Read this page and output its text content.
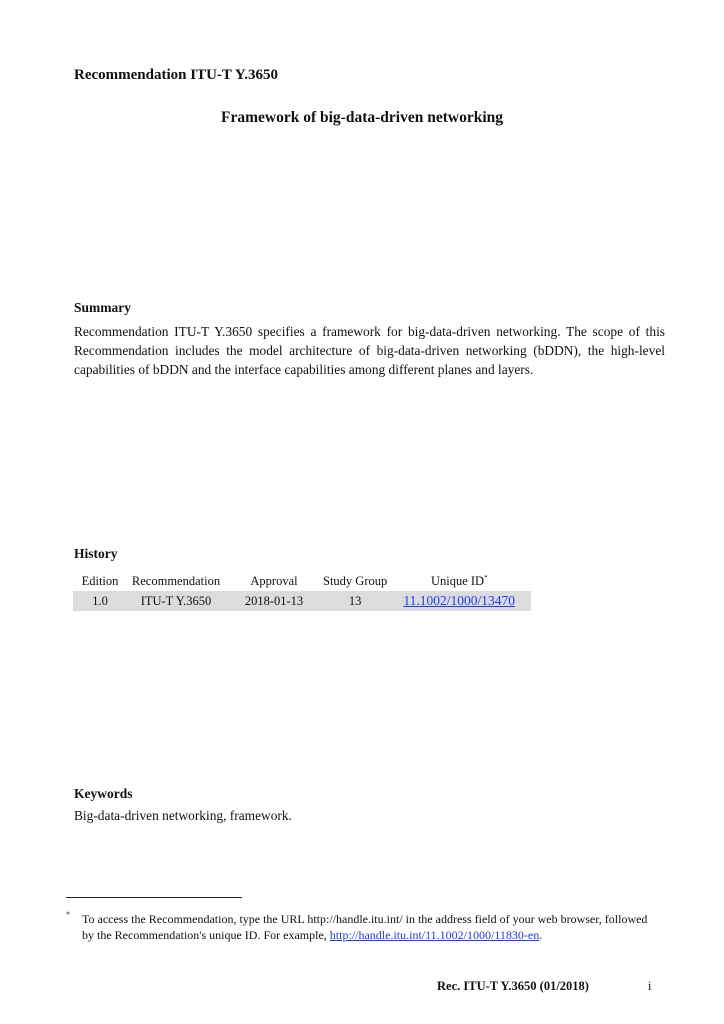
Recommendation ITU-T Y.3650
Framework of big-data-driven networking
Summary
Recommendation ITU-T Y.3650 specifies a framework for big-data-driven networking. The scope of this Recommendation includes the model architecture of big-data-driven networking (bDDN), the high-level capabilities of bDDN and the interface capabilities among different planes and layers.
History
Edition	Recommendation	Approval	Study Group	Unique ID*
1.0	ITU-T Y.3650	2018-01-13	13	11.1002/1000/13470
Keywords
Big-data-driven networking, framework.
* To access the Recommendation, type the URL http://handle.itu.int/ in the address field of your web browser, followed by the Recommendation's unique ID. For example, http://handle.itu.int/11.1002/1000/11830-en.
Rec. ITU-T Y.3650 (01/2018)	i
